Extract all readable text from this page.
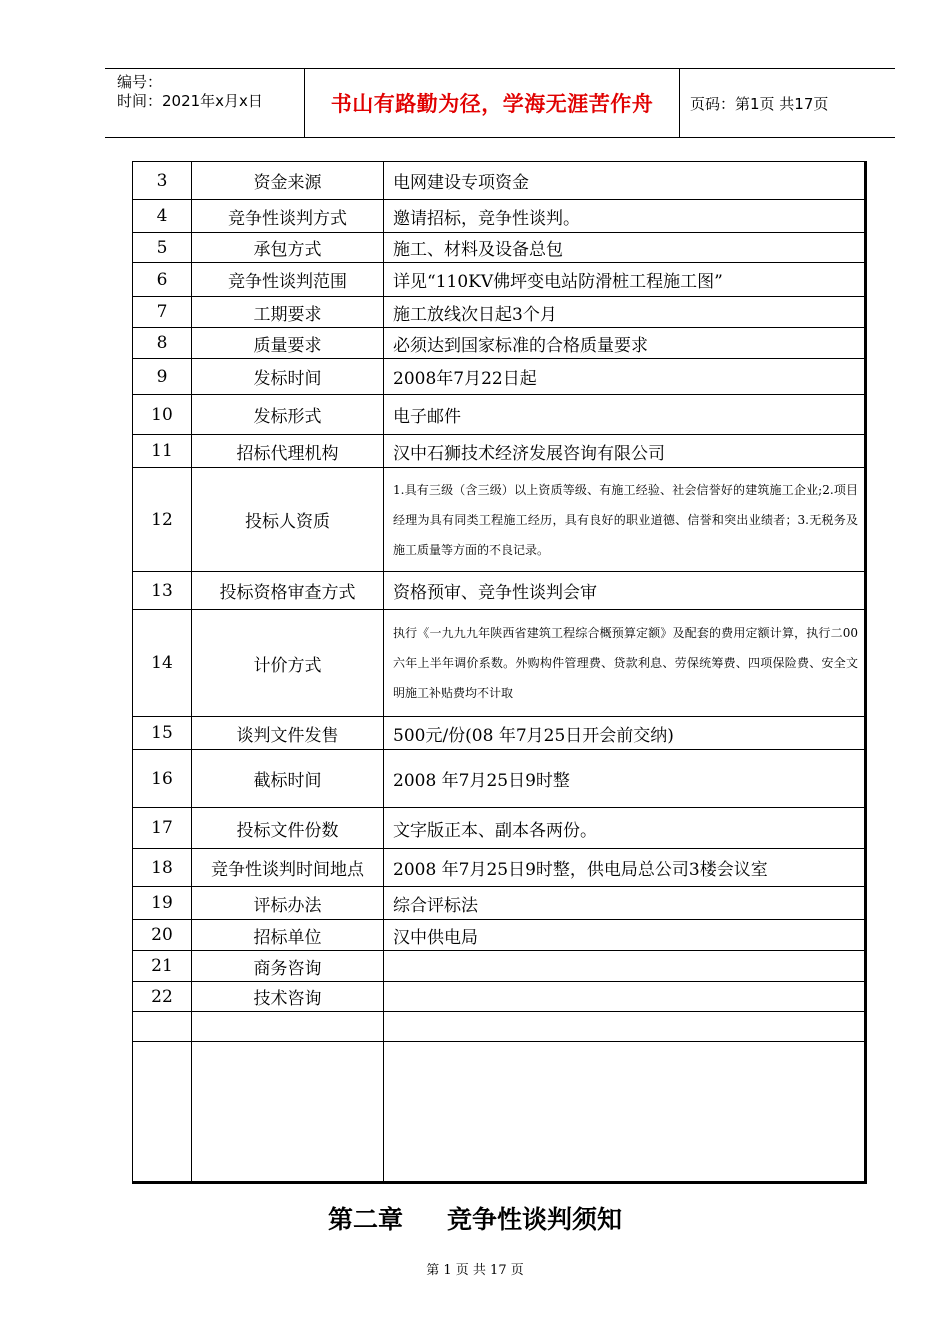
编号：
时间：2021年x月x日	书山有路勤为径，学海无涯苦作舟	页码：第1页 共17页
3	资金来源	电网建设专项资金
4	竞争性谈判方式	邀请招标，竞争性谈判。
5	承包方式	施工、材料及设备总包
6	竞争性谈判范围	详见“110KV佛坪变电站防滑桩工程施工图”
7	工期要求	施工放线次日起3个月
8	质量要求	必须达到国家标准的合格质量要求
9	发标时间	2008年7月22日起
10	发标形式	电子邮件
11	招标代理机构	汉中石狮技术经济发展咨询有限公司
12	投标人资质	1.具有三级（含三级）以上资质等级、有施工经验、社会信誉好的建筑施工企业;2.项目经理为具有同类工程施工经历，具有良好的职业道德、信誉和突出业绩者；3.无税务及施工质量等方面的不良记录。
13	投标资格审查方式	资格预审、竞争性谈判会审
14	计价方式	执行《一九九九年陕西省建筑工程综合概预算定额》及配套的费用定额计算，执行二00六年上半年调价系数。外购构件管理费、贷款利息、劳保统筹费、四项保险费、安全文明施工补贴费均不计取
15	谈判文件发售	500元/份(08 年7月25日开会前交纳)
16	截标时间	2008 年7月25日9时整
17	投标文件份数	文字版正本、副本各两份。
18	竞争性谈判时间地点	2008 年7月25日9时整，供电局总公司3楼会议室
19	评标办法	综合评标法
20	招标单位	汉中供电局
21	商务咨询	
22	技术咨询	

第二章 竞争性谈判须知
第 1 页 共 17 页
